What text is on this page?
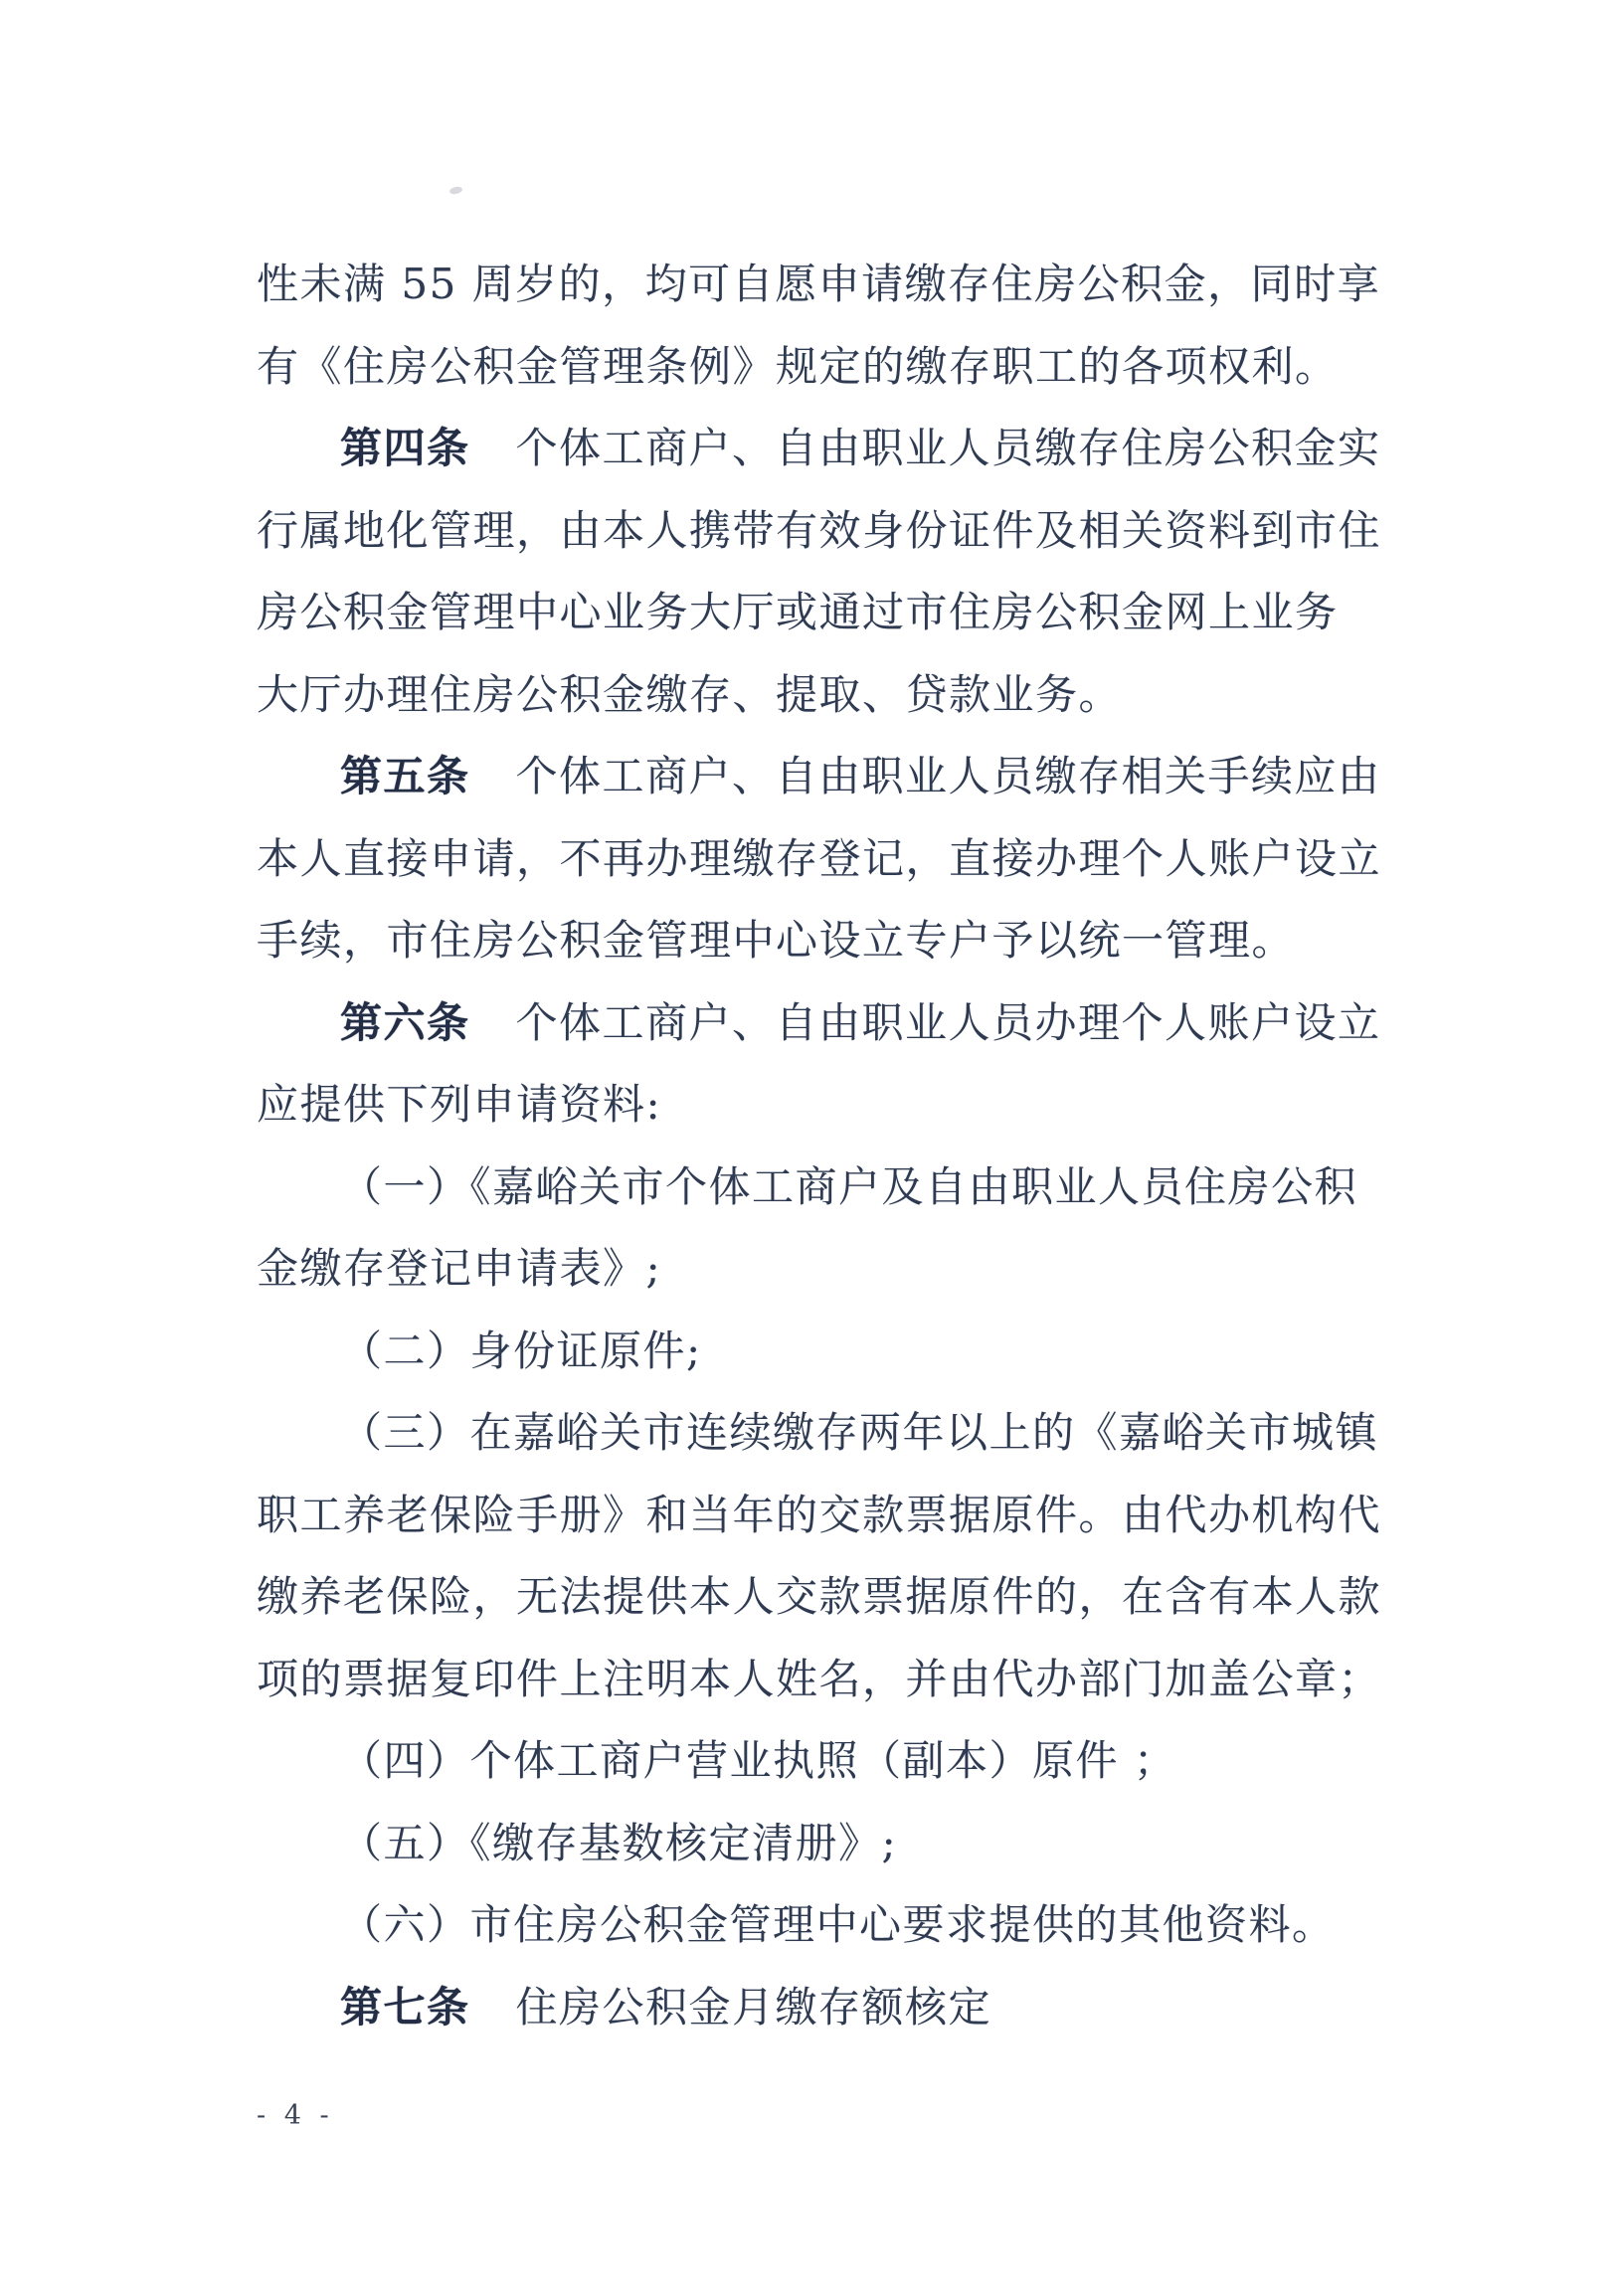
性未满 55 周岁的，均可自愿申请缴存住房公积金，同时享
有《住房公积金管理条例》规定的缴存职工的各项权利。
第四条 个体工商户、自由职业人员缴存住房公积金实
行属地化管理，由本人携带有效身份证件及相关资料到市住
房公积金管理中心业务大厅或通过市住房公积金网上业务
大厅办理住房公积金缴存、提取、贷款业务。
第五条 个体工商户、自由职业人员缴存相关手续应由
本人直接申请，不再办理缴存登记，直接办理个人账户设立
手续，市住房公积金管理中心设立专户予以统一管理。
第六条 个体工商户、自由职业人员办理个人账户设立
应提供下列申请资料:
（一）《嘉峪关市个体工商户及自由职业人员住房公积
金缴存登记申请表》;
（二）身份证原件;
（三）在嘉峪关市连续缴存两年以上的《嘉峪关市城镇
职工养老保险手册》和当年的交款票据原件。由代办机构代
缴养老保险，无法提供本人交款票据原件的，在含有本人款
项的票据复印件上注明本人姓名，并由代办部门加盖公章；
（四）个体工商户营业执照（副本）原件 ；
（五）《缴存基数核定清册》;
（六）市住房公积金管理中心要求提供的其他资料。
第七条 住房公积金月缴存额核定
- 4 -
